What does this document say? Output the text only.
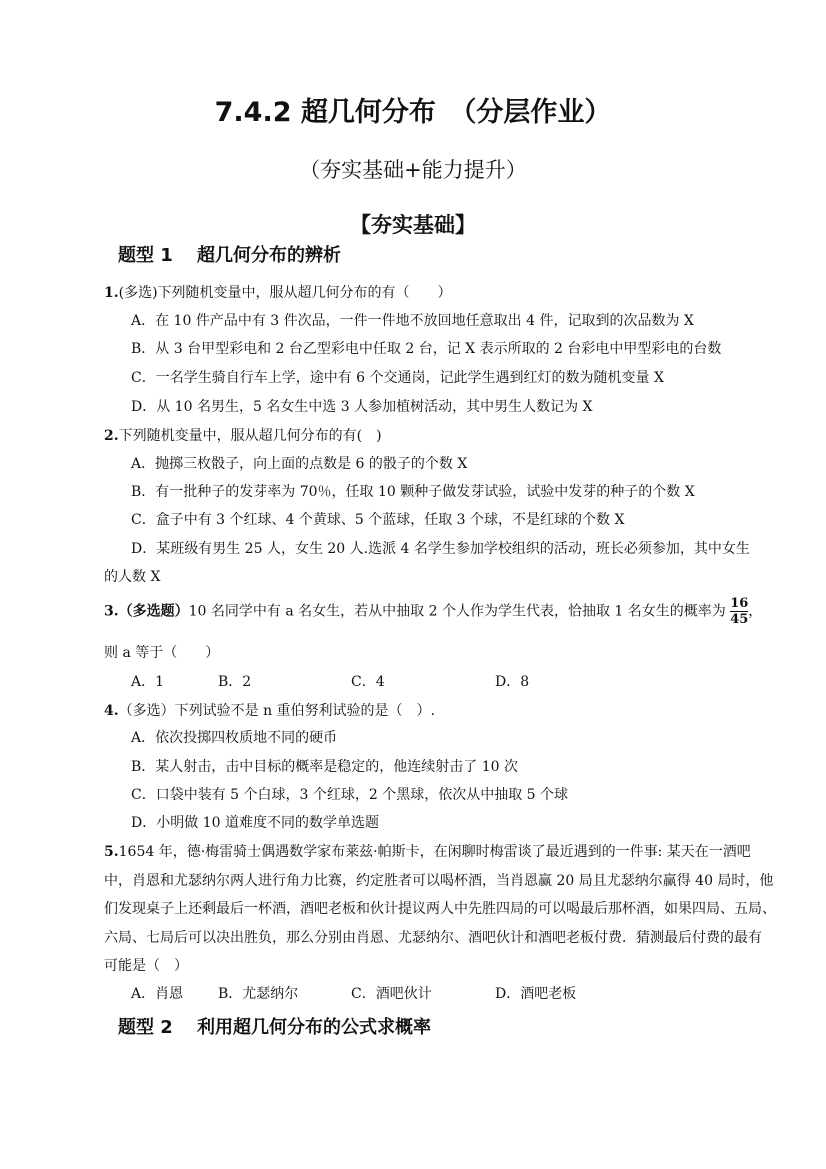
7.4.2 超几何分布　（分层作业）
（夯实基础+能力提升）
【夯实基础】
题型 1　 超几何分布的辨析
1.(多选)下列随机变量中，服从超几何分布的有（　　）
A．在 10 件产品中有 3 件次品，一件一件地不放回地任意取出 4 件，记取到的次品数为 X
B．从 3 台甲型彩电和 2 台乙型彩电中任取 2 台，记 X 表示所取的 2 台彩电中甲型彩电的台数
C．一名学生骑自行车上学，途中有 6 个交通岗，记此学生遇到红灯的数为随机变量 X
D．从 10 名男生，5 名女生中选 3 人参加植树活动，其中男生人数记为 X
2.下列随机变量中，服从超几何分布的有(　)
A．抛掷三枚骰子，向上面的点数是 6 的骰子的个数 X
B．有一批种子的发芽率为 70％，任取 10 颗种子做发芽试验，试验中发芽的种子的个数 X
C．盒子中有 3 个红球、4 个黄球、5 个蓝球，任取 3 个球，不是红球的个数 X
D．某班级有男生 25 人，女生 20 人.选派 4 名学生参加学校组织的活动，班长必须参加，其中女生
的人数 X
3.（多选题）10 名同学中有 a 名女生，若从中抽取 2 个人作为学生代表，恰抽取 1 名女生的概率为 $\frac{16}{45}$ ，
则 a 等于（　　）
A．1	B．2	C．4	D．8
4.（多选）下列试验不是 n 重伯努利试验的是（　）.
A．依次投掷四枚质地不同的硬币
B．某人射击，击中目标的概率是稳定的，他连续射击了 10 次
C．口袋中装有 5 个白球，3 个红球，2 个黑球，依次从中抽取 5 个球
D．小明做 10 道难度不同的数学单选题
5.1654 年，德·梅雷骑士偶遇数学家布莱兹·帕斯卡，在闲聊时梅雷谈了最近遇到的一件事: 某天在一酒吧
中，肖恩和尤瑟纳尔两人进行角力比赛，约定胜者可以喝杯酒，当肖恩赢 20 局且尤瑟纳尔赢得 40 局时，他
们发现桌子上还剩最后一杯酒，酒吧老板和伙计提议两人中先胜四局的可以喝最后那杯酒，如果四局、五局、
六局、七局后可以决出胜负，那么分别由肖恩、尤瑟纳尔、酒吧伙计和酒吧老板付费．猜测最后付费的最有
可能是（　）
A．肖恩 B．尤瑟纳尔	C．酒吧伙计	D．酒吧老板
题型 2　 利用超几何分布的公式求概率
